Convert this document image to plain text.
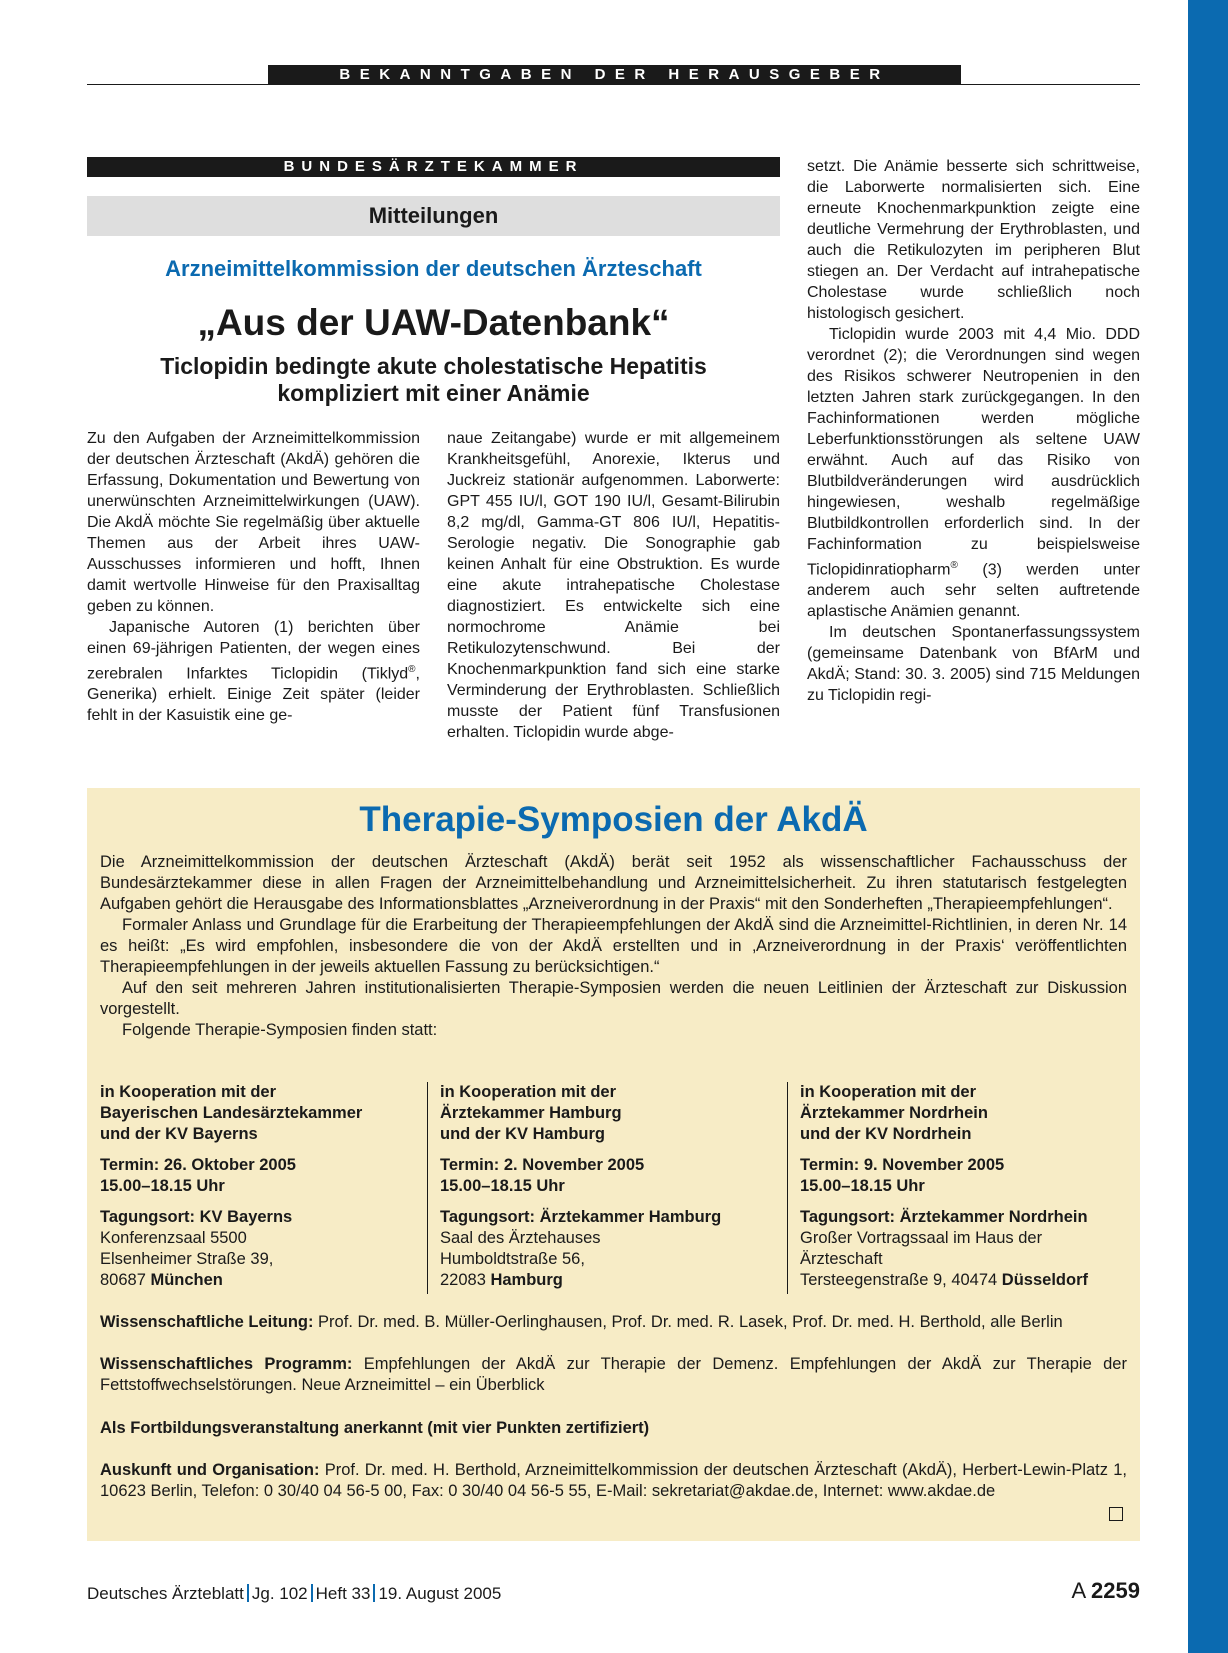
BEKANNTGABEN DER HERAUSGEBER
BUNDESÄRZTEKAMMER
Mitteilungen
Arzneimittelkommission der deutschen Ärzteschaft
„Aus der UAW-Datenbank“
Ticlopidin bedingte akute cholestatische Hepatitis
kompliziert mit einer Anämie

Zu den Aufgaben der Arzneimittelkommission der deutschen Ärzteschaft (AkdÄ) gehören die Erfassung, Dokumentation und Bewertung von unerwünschten Arzneimittelwirkungen (UAW). Die AkdÄ möchte Sie regelmäßig über aktuelle Themen aus der Arbeit ihres UAW-Ausschusses informieren und hofft, Ihnen damit wertvolle Hinweise für den Praxisalltag geben zu können.

Japanische Autoren (1) berichten über einen 69-jährigen Patienten, der wegen eines zerebralen Infarktes Ticlopidin (Tiklyd®, Generika) erhielt. Einige Zeit später (leider fehlt in der Kasuistik eine ge-

naue Zeitangabe) wurde er mit allgemeinem Krankheitsgefühl, Anorexie, Ikterus und Juckreiz stationär aufgenommen. Laborwerte: GPT 455 IU/l, GOT 190 IU/l, Gesamt-Bilirubin 8,2 mg/dl, Gamma-GT 806 IU/l, Hepatitis-Serologie negativ. Die Sonographie gab keinen Anhalt für eine Obstruktion. Es wurde eine akute intrahepatische Cholestase diagnostiziert. Es entwickelte sich eine normochrome Anämie bei Retikulozytenschwund. Bei der Knochenmarkpunktion fand sich eine starke Verminderung der Erythroblasten. Schließlich musste der Patient fünf Transfusionen erhalten. Ticlopidin wurde abge-

setzt. Die Anämie besserte sich schrittweise, die Laborwerte normalisierten sich. Eine erneute Knochenmarkpunktion zeigte eine deutliche Vermehrung der Erythroblasten, und auch die Retikulozyten im peripheren Blut stiegen an. Der Verdacht auf intrahepatische Cholestase wurde schließlich noch histologisch gesichert.

Ticlopidin wurde 2003 mit 4,4 Mio. DDD verordnet (2); die Verordnungen sind wegen des Risikos schwerer Neutropenien in den letzten Jahren stark zurückgegangen. In den Fachinformationen werden mögliche Leberfunktionsstörungen als seltene UAW erwähnt. Auch auf das Risiko von Blutbildveränderungen wird ausdrücklich hingewiesen, weshalb regelmäßige Blutbildkontrollen erforderlich sind. In der Fachinformation zu beispielsweise Ticlopidinratiopharm® (3) werden unter anderem auch sehr selten auftretende aplastische Anämien genannt.

Im deutschen Spontanerfassungssystem (gemeinsame Datenbank von BfArM und AkdÄ; Stand: 30. 3. 2005) sind 715 Meldungen zu Ticlopidin regi-

Therapie-Symposien der AkdÄ

Die Arzneimittelkommission der deutschen Ärzteschaft (AkdÄ) berät seit 1952 als wissenschaftlicher Fachausschuss der Bundesärztekammer diese in allen Fragen der Arzneimittelbehandlung und Arzneimittelsicherheit. Zu ihren statutarisch festgelegten Aufgaben gehört die Herausgabe des Informationsblattes „Arzneiverordnung in der Praxis“ mit den Sonderheften „Therapieempfehlungen“.

Formaler Anlass und Grundlage für die Erarbeitung der Therapieempfehlungen der AkdÄ sind die Arzneimittel-Richtlinien, in deren Nr. 14 es heißt: „Es wird empfohlen, insbesondere die von der AkdÄ erstellten und in ‚Arzneiverordnung in der Praxis‘ veröffentlichten Therapieempfehlungen in der jeweils aktuellen Fassung zu berücksichtigen.“

Auf den seit mehreren Jahren institutionalisierten Therapie-Symposien werden die neuen Leitlinien der Ärzteschaft zur Diskussion vorgestellt.

Folgende Therapie-Symposien finden statt:

in Kooperation mit der
Bayerischen Landesärztekammer
und der KV Bayerns
Termin: 26. Oktober 2005
15.00–18.15 Uhr
Tagungsort: KV Bayerns
Konferenzsaal 5500
Elsenheimer Straße 39,
80687 München
in Kooperation mit der
Ärztekammer Hamburg
und der KV Hamburg
Termin: 2. November 2005
15.00–18.15 Uhr
Tagungsort: Ärztekammer Hamburg
Saal des Ärztehauses
Humboldtstraße 56,
22083 Hamburg
in Kooperation mit der
Ärztekammer Nordrhein
und der KV Nordrhein
Termin: 9. November 2005
15.00–18.15 Uhr
Tagungsort: Ärztekammer Nordrhein
Großer Vortragssaal im Haus der
Ärzteschaft
Tersteegenstraße 9, 40474 Düsseldorf
Wissenschaftliche Leitung: Prof. Dr. med. B. Müller-Oerlinghausen, Prof. Dr. med. R. Lasek, Prof. Dr. med. H. Berthold, alle Berlin
Wissenschaftliches Programm: Empfehlungen der AkdÄ zur Therapie der Demenz. Empfehlungen der AkdÄ zur Therapie der Fettstoffwechselstörungen. Neue Arzneimittel – ein Überblick
Als Fortbildungsveranstaltung anerkannt (mit vier Punkten zertifiziert)
Auskunft und Organisation: Prof. Dr. med. H. Berthold, Arzneimittelkommission der deutschen Ärzteschaft (AkdÄ), Herbert-Lewin-Platz 1, 10623 Berlin, Telefon: 0 30/40 04 56-5 00, Fax: 0 30/40 04 56-5 55, E-Mail: sekretariat@akdae.de, Internet: www.akdae.de
Deutsches Ärzteblatt Jg. 102 Heft 33 19. August 2005	A 2259
